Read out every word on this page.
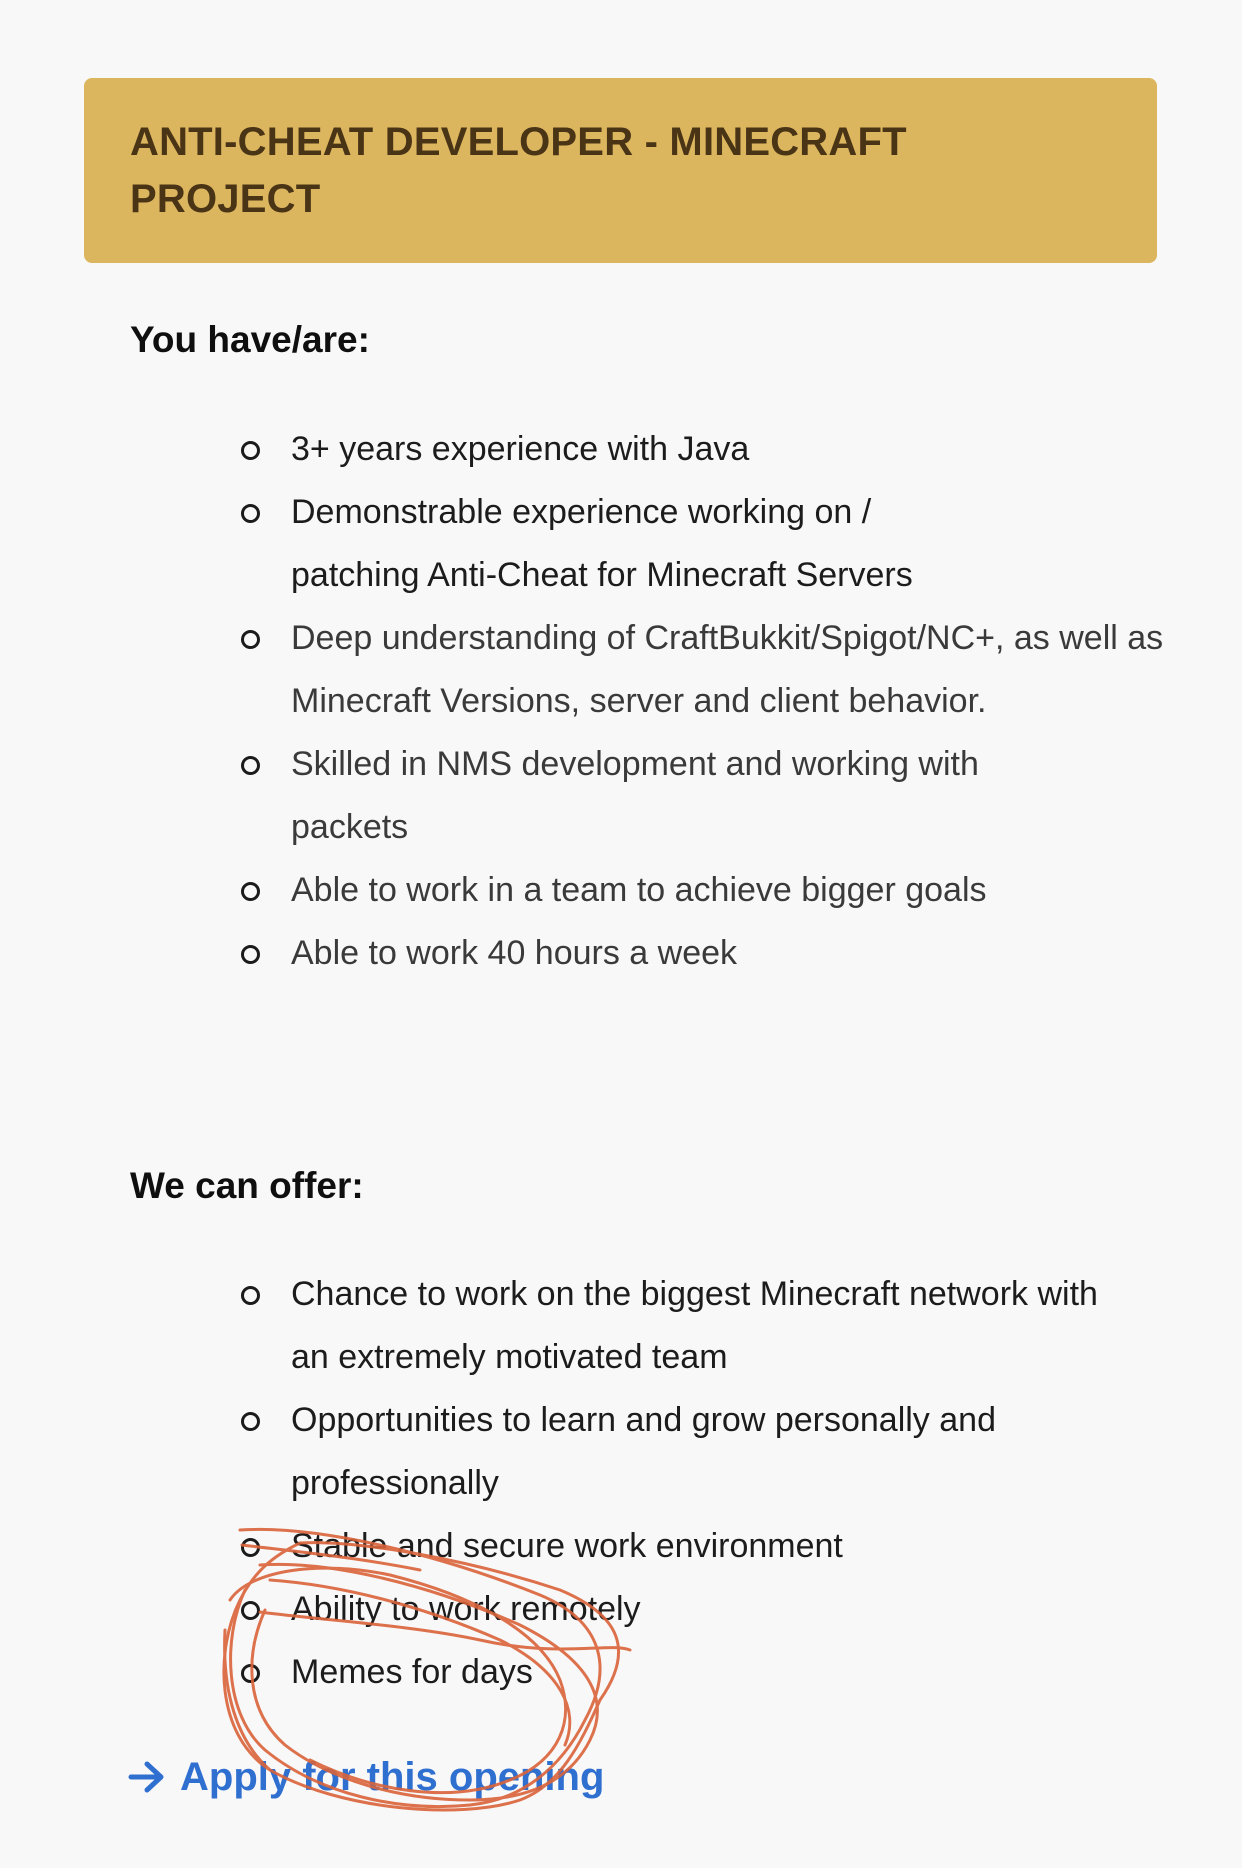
ANTI-CHEAT DEVELOPER - MINECRAFT
PROJECT
You have/are:
3+ years experience with Java
Demonstrable experience working on / patching Anti-Cheat for Minecraft Servers
Deep understanding of CraftBukkit/Spigot/NC+, as well as Minecraft Versions, server and client behavior.
Skilled in NMS development and working with packets
Able to work in a team to achieve bigger goals
Able to work 40 hours a week
We can offer:
Chance to work on the biggest Minecraft network with an extremely motivated team
Opportunities to learn and grow personally and professionally
Stable and secure work environment
Ability to work remotely
Memes for days
Apply for this opening
